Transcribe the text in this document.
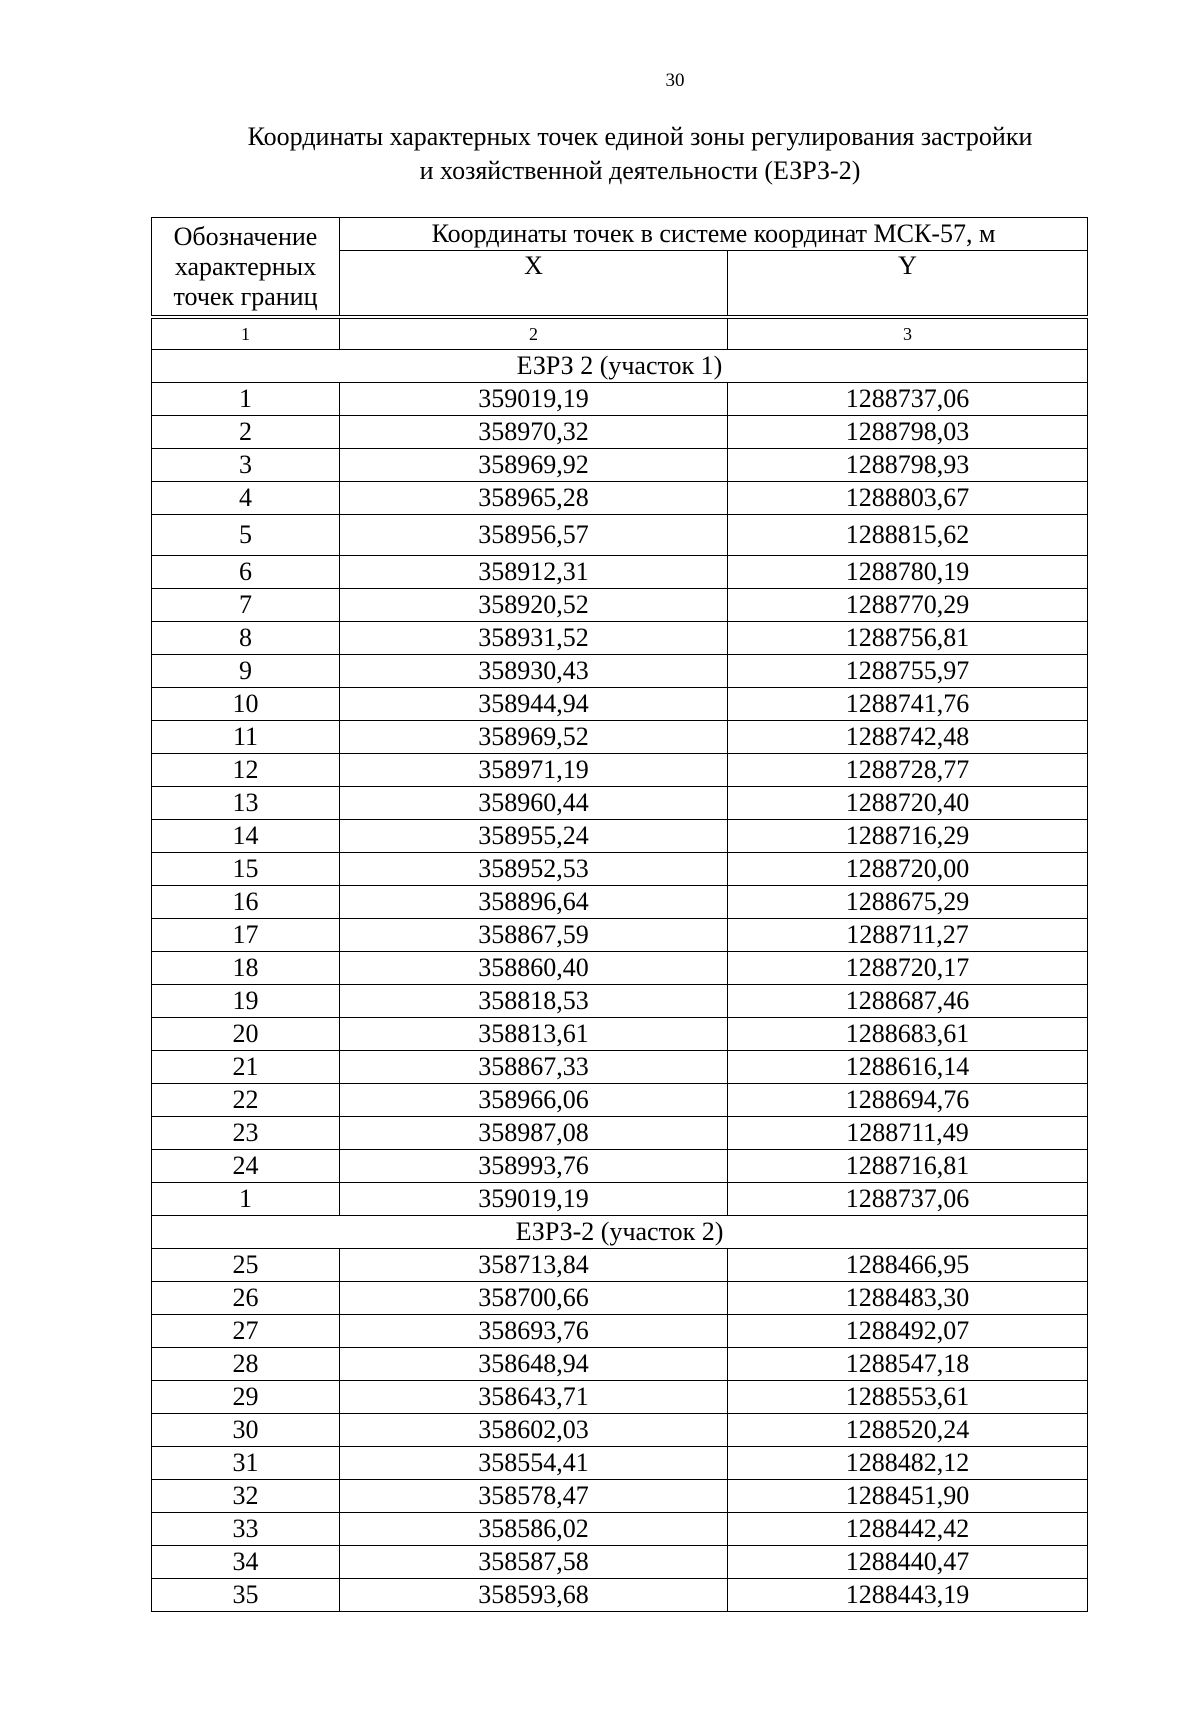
30
Координаты характерных точек единой зоны регулирования застройки
и хозяйственной деятельности (ЕЗРЗ-2)
Обозначение характерных точек границ	Координаты точек в системе координат МСК-57, м	
	X	Y
1	2	3
ЕЗРЗ 2 (участок 1)		
1	359019,19	1288737,06
2	358970,32	1288798,03
3	358969,92	1288798,93
4	358965,28	1288803,67
5	358956,57	1288815,62
6	358912,31	1288780,19
7	358920,52	1288770,29
8	358931,52	1288756,81
9	358930,43	1288755,97
10	358944,94	1288741,76
11	358969,52	1288742,48
12	358971,19	1288728,77
13	358960,44	1288720,40
14	358955,24	1288716,29
15	358952,53	1288720,00
16	358896,64	1288675,29
17	358867,59	1288711,27
18	358860,40	1288720,17
19	358818,53	1288687,46
20	358813,61	1288683,61
21	358867,33	1288616,14
22	358966,06	1288694,76
23	358987,08	1288711,49
24	358993,76	1288716,81
1	359019,19	1288737,06
ЕЗРЗ-2 (участок 2)		
25	358713,84	1288466,95
26	358700,66	1288483,30
27	358693,76	1288492,07
28	358648,94	1288547,18
29	358643,71	1288553,61
30	358602,03	1288520,24
31	358554,41	1288482,12
32	358578,47	1288451,90
33	358586,02	1288442,42
34	358587,58	1288440,47
35	358593,68	1288443,19
